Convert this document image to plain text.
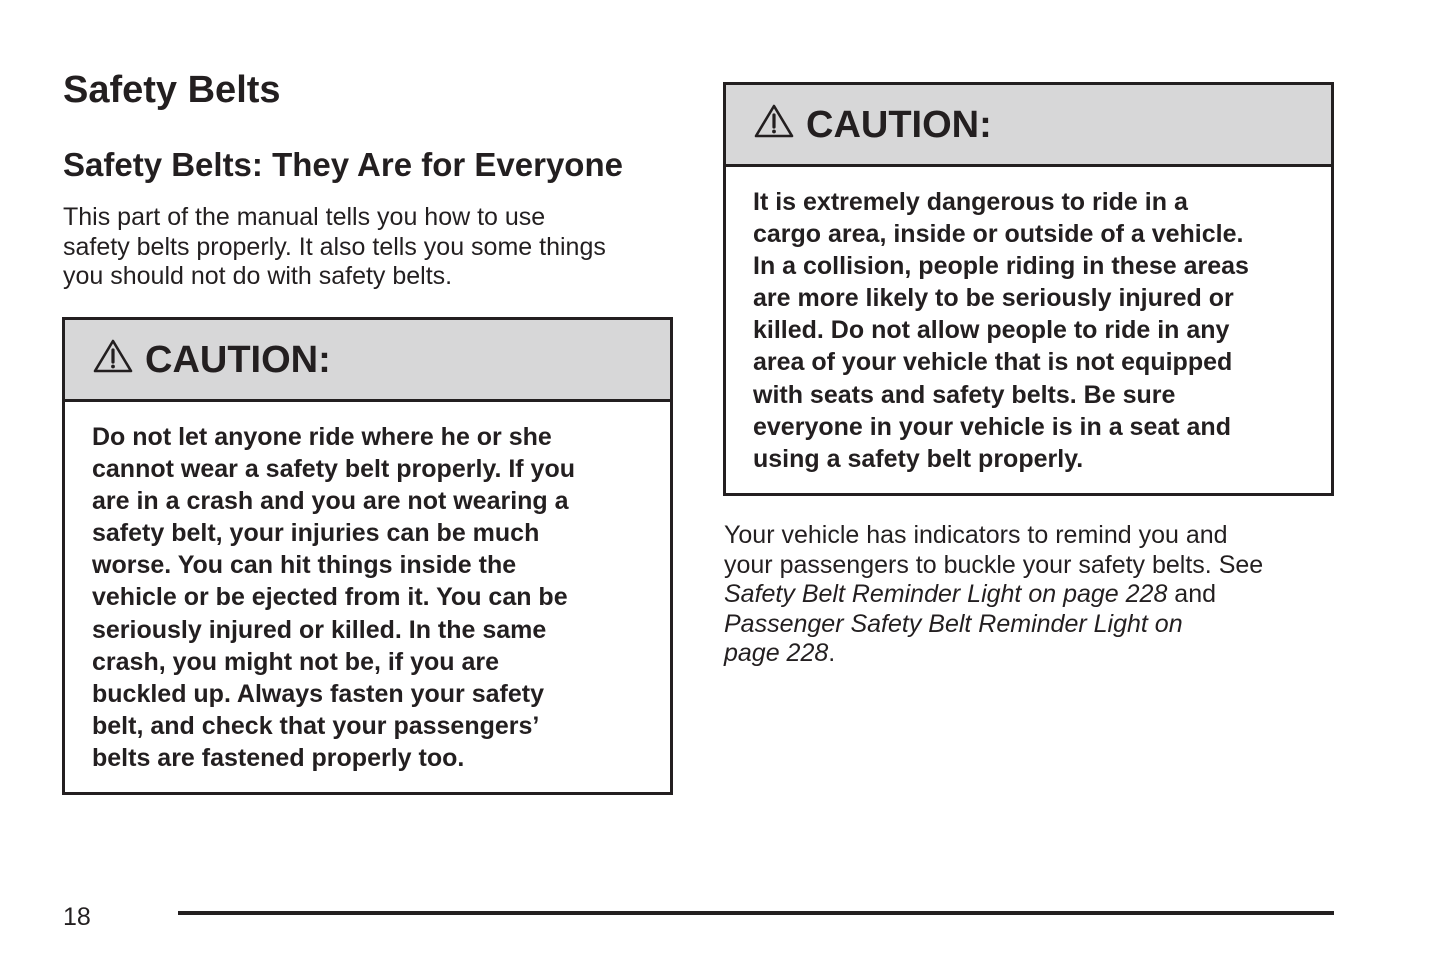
Safety Belts
Safety Belts: They Are for Everyone

This part of the manual tells you how to use
safety belts properly. It also tells you some things
you should not do with safety belts.

CAUTION:
Do not let anyone ride where he or she
cannot wear a safety belt properly. If you
are in a crash and you are not wearing a
safety belt, your injuries can be much
worse. You can hit things inside the
vehicle or be ejected from it. You can be
seriously injured or killed. In the same
crash, you might not be, if you are
buckled up. Always fasten your safety
belt, and check that your passengers’
belts are fastened properly too.
CAUTION:
It is extremely dangerous to ride in a
cargo area, inside or outside of a vehicle.
In a collision, people riding in these areas
are more likely to be seriously injured or
killed. Do not allow people to ride in any
area of your vehicle that is not equipped
with seats and safety belts. Be sure
everyone in your vehicle is in a seat and
using a safety belt properly.

Your vehicle has indicators to remind you and
your passengers to buckle your safety belts. See
Safety Belt Reminder Light on page 228 and
Passenger Safety Belt Reminder Light on
page 228.

18
